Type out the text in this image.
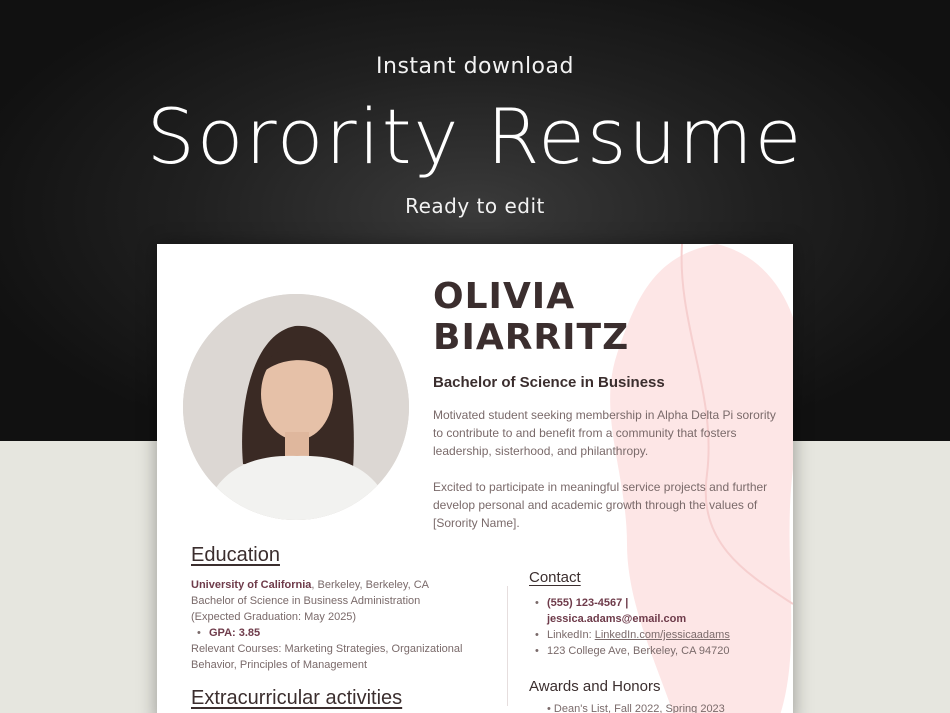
Instant download
Sorority Resume
Ready to edit
OLIVIA
BIARRITZ
Bachelor of Science in Business
Motivated student seeking membership in Alpha Delta Pi sorority to contribute to and benefit from a community that fosters leadership, sisterhood, and philanthropy.
Excited to participate in meaningful service projects and further develop personal and academic growth through the values of [Sorority Name].
Education
University of California, Berkeley, Berkeley, CA
Bachelor of Science in Business Administration
(Expected Graduation: May 2025)
• GPA: 3.85
Relevant Courses: Marketing Strategies, Organizational Behavior, Principles of Management
Extracurricular activities
Contact
• (555) 123-4567 |
jessica.adams@email.com
• LinkedIn: LinkedIn.com/jessicaadams
• 123 College Ave, Berkeley, CA 94720
Awards and Honors
• Dean's List, Fall 2022, Spring 2023
